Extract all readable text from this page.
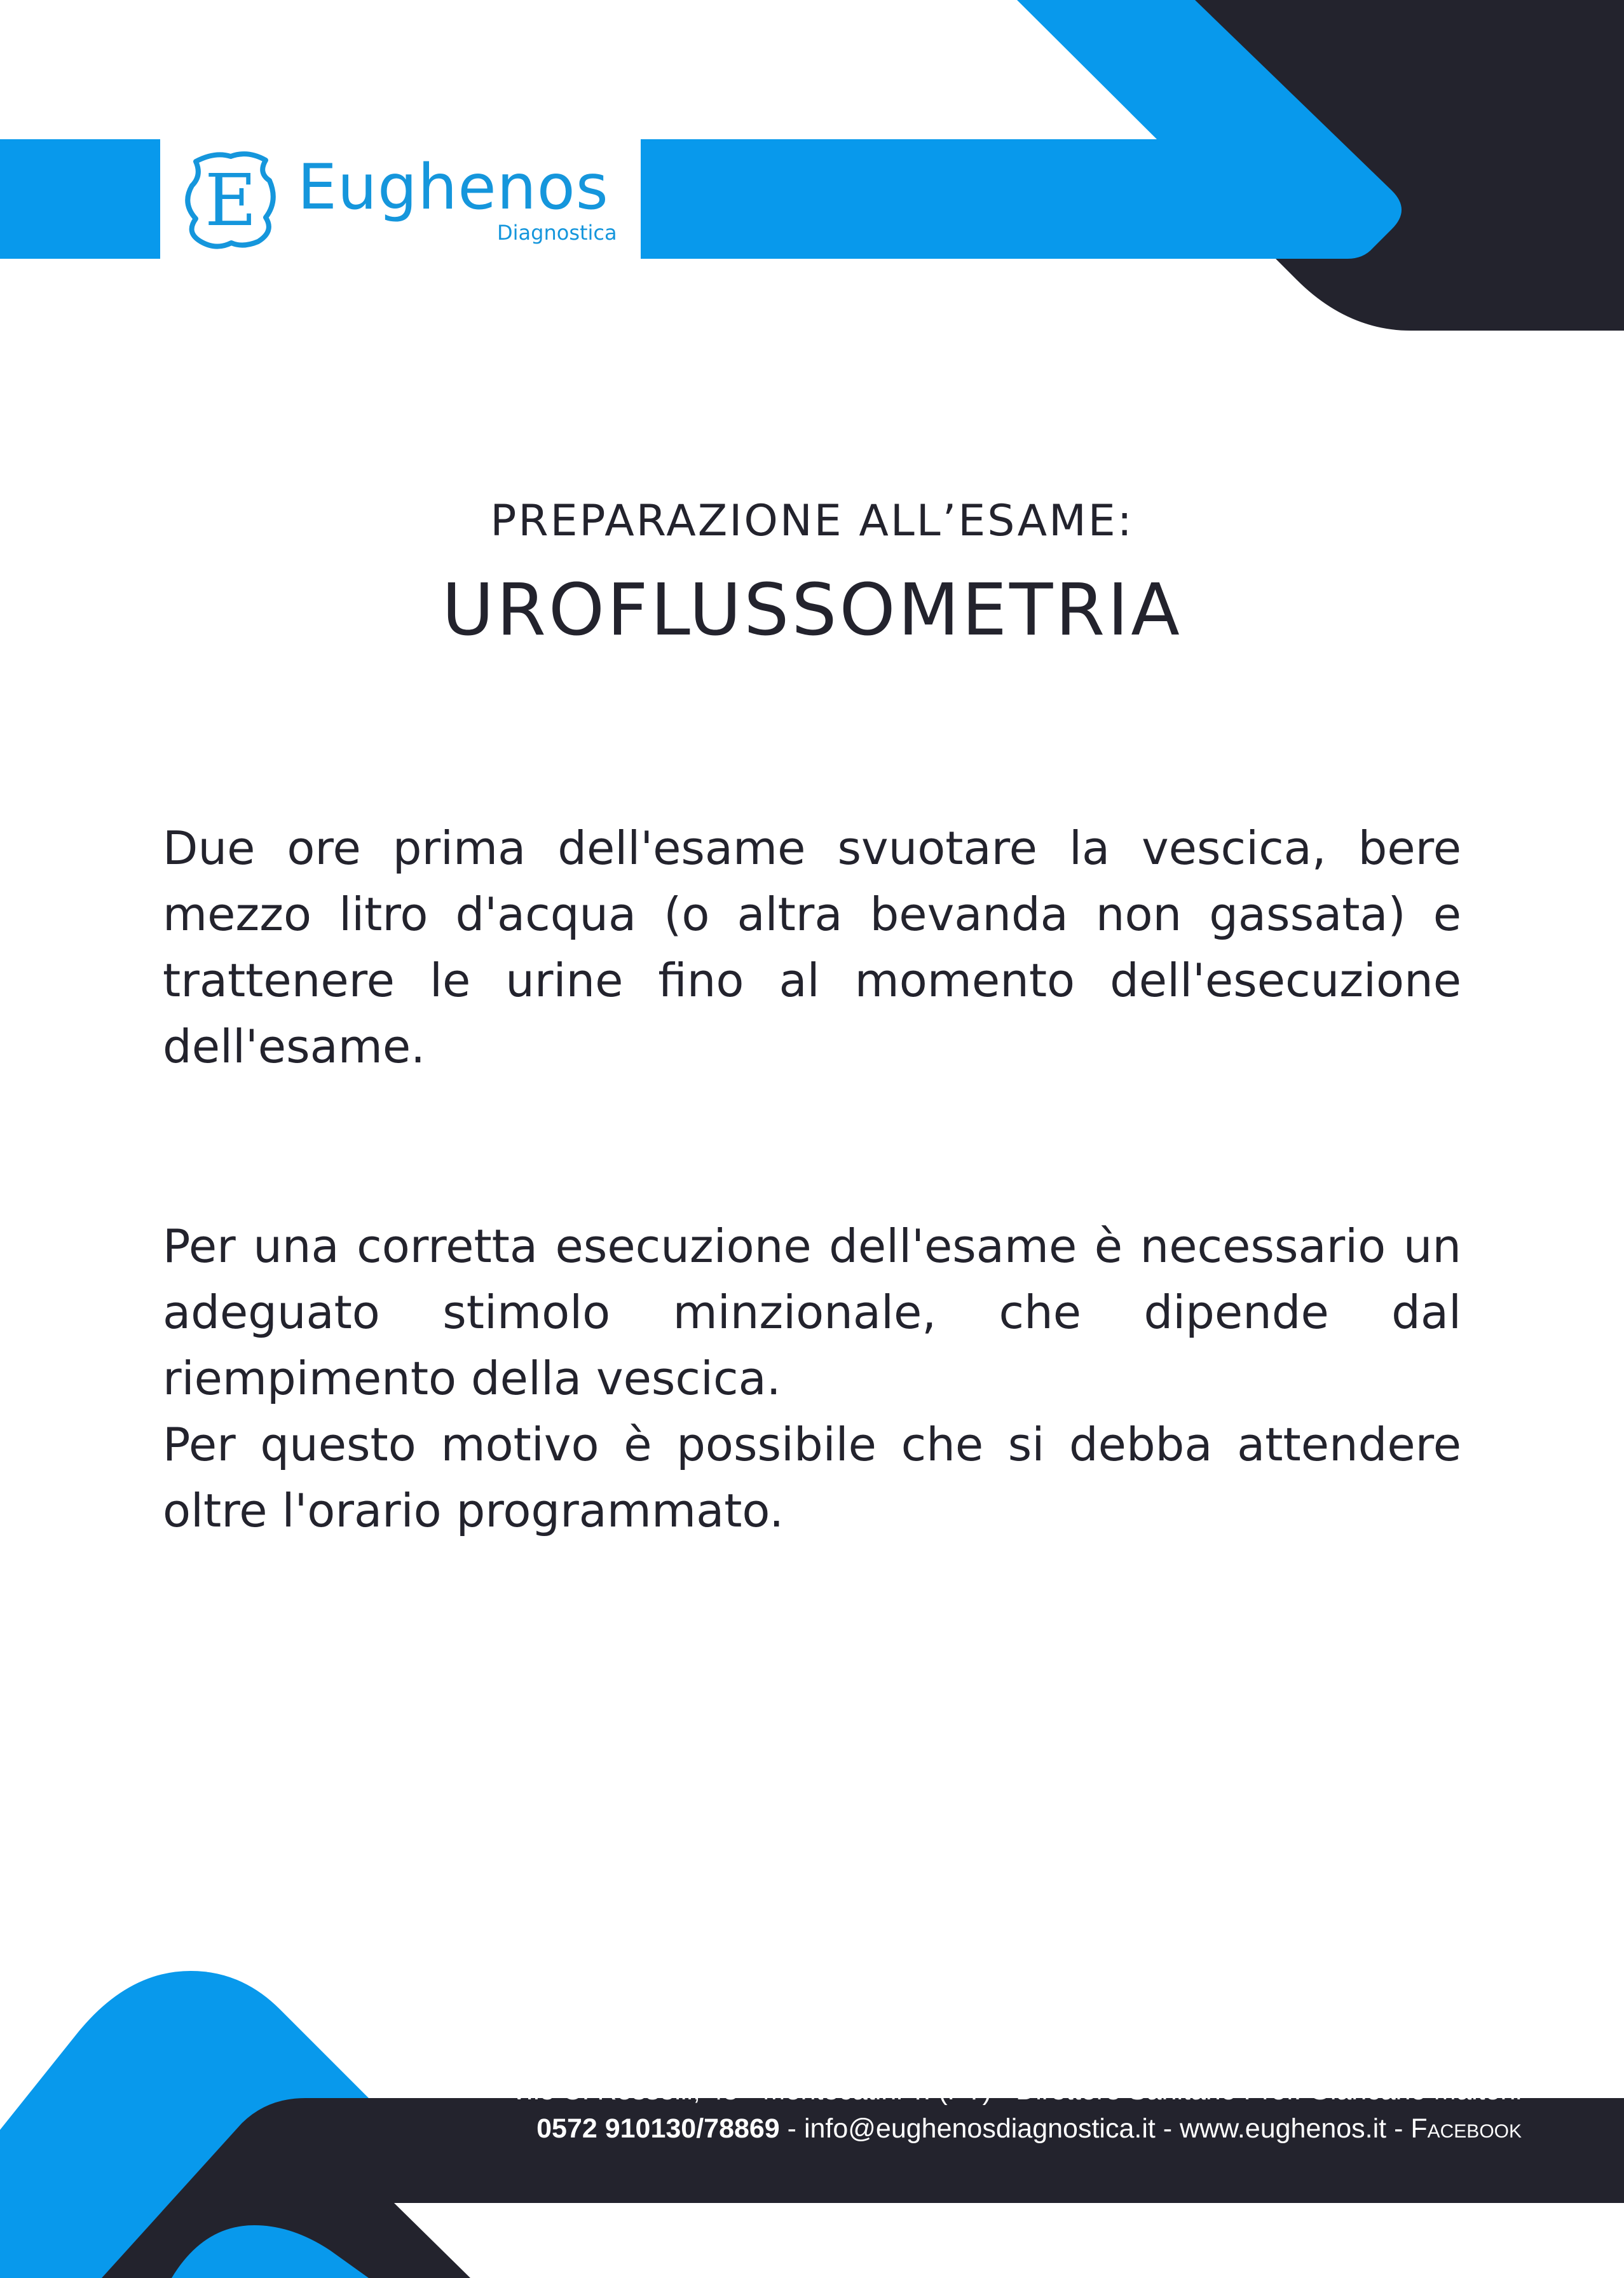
E Eughenos
Diagnostica
PREPARAZIONE ALL’ESAME:
UROFLUSSOMETRIA

Due ore prima dell'esame svuotare la vescica, bere mezzo litro d'acqua (o altra bevanda non gassata) e trattenere le urine fino al momento dell'esecuzione dell'esame.

Per una corretta esecuzione dell'esame è necessario un adeguato stimolo minzionale, che dipende dal riempimento della vescica.

Per questo motivo è possibile che si debba attendere oltre l'orario programmato.

V.le C. Rosselli, 45 - Montecatini T. (PT) - Direttore Sanitario Prof. Giancarlo Maltoni
0572 910130/78869 - info@eughenosdiagnostica.it - www.eughenos.it - Facebook
